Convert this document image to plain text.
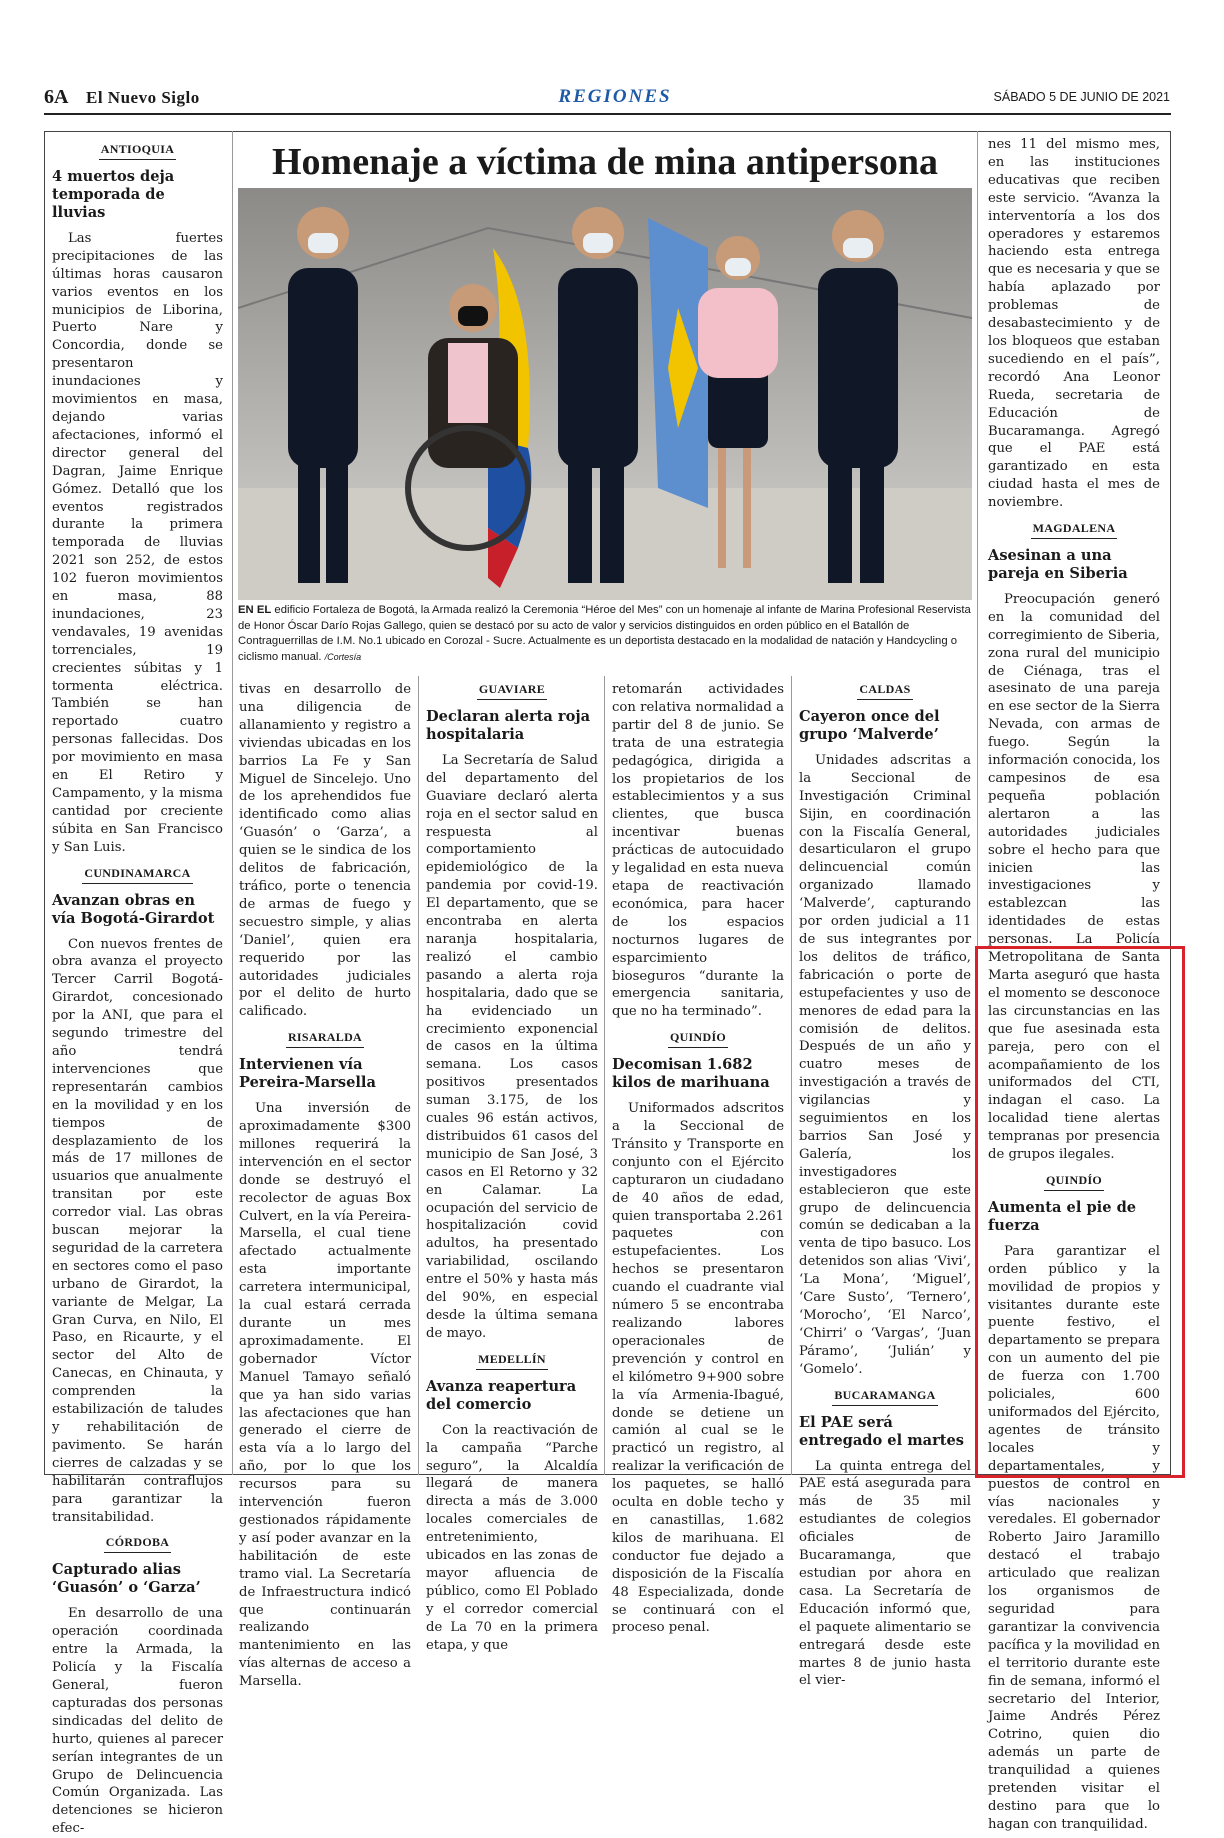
6A El Nuevo Siglo	REGIONES	SÁBADO 5 DE JUNIO DE 2021
Homenaje a víctima de mina antipersona
EN EL edificio Fortaleza de Bogotá, la Armada realizó la Ceremonia “Héroe del Mes” con un homenaje al infante de Marina Profesional Reservista de Honor Óscar Darío Rojas Gallego, quien se destacó por su acto de valor y servicios distinguidos en orden público en el Batallón de Contraguerrillas de I.M. No.1 ubicado en Corozal - Sucre. Actualmente es un deportista destacado en la modalidad de natación y Handcycling o ciclismo manual. /Cortesía
ANTIOQUIA
4 muertos deja temporada de lluvias

Las fuertes precipitaciones de las últimas horas causaron varios eventos en los municipios de Liborina, Puerto Nare y Concordia, donde se presentaron inundaciones y movimientos en masa, dejando varias afectaciones, informó el director general del Dagran, Jaime Enrique Gómez. Detalló que los eventos registrados durante la primera temporada de lluvias 2021 son 252, de estos 102 fueron movimientos en masa, 88 inundaciones, 23 vendavales, 19 avenidas torrenciales, 19 crecientes súbitas y 1 tormenta eléctrica. También se han reportado cuatro personas fallecidas. Dos por movimiento en masa en El Retiro y Campamento, y la misma cantidad por creciente súbita en San Francisco y San Luis.

CUNDINAMARCA
Avanzan obras en vía Bogotá-Girardot

Con nuevos frentes de obra avanza el proyecto Tercer Carril Bogotá-Girardot, concesionado por la ANI, que para el segundo trimestre del año tendrá intervenciones que representarán cambios en la movilidad y en los tiempos de desplazamiento de los más de 17 millones de usuarios que anualmente transitan por este corredor vial. Las obras buscan mejorar la seguridad de la carretera en sectores como el paso urbano de Girardot, la variante de Melgar, La Gran Curva, en Nilo, El Paso, en Ricaurte, y el sector del Alto de Canecas, en Chinauta, y comprenden la estabilización de taludes y rehabilitación de pavimento. Se harán cierres de calzadas y se habilitarán contraflujos para garantizar la transitabilidad.

CÓRDOBA
Capturado alias ‘Guasón’ o ‘Garza’

En desarrollo de una operación coordinada entre la Armada, la Policía y la Fiscalía General, fueron capturadas dos personas sindicadas del delito de hurto, quienes al parecer serían integrantes de un Grupo de Delincuencia Común Organizada. Las detenciones se hicieron efec-

tivas en desarrollo de una diligencia de allanamiento y registro a viviendas ubicadas en los barrios La Fe y San Miguel de Sincelejo. Uno de los aprehendidos fue identificado como alias ‘Guasón’ o ‘Garza’, a quien se le sindica de los delitos de fabricación, tráfico, porte o tenencia de armas de fuego y secuestro simple, y alias ‘Daniel’, quien era requerido por las autoridades judiciales por el delito de hurto calificado.

RISARALDA
Intervienen vía Pereira-Marsella

Una inversión de aproximadamente $300 millones requerirá la intervención en el sector donde se destruyó el recolector de aguas Box Culvert, en la vía Pereira-Marsella, el cual tiene afectado actualmente esta importante carretera intermunicipal, la cual estará cerrada durante un mes aproximadamente. El gobernador Víctor Manuel Tamayo señaló que ya han sido varias las afectaciones que han generado el cierre de esta vía a lo largo del año, por lo que los recursos para su intervención fueron gestionados rápidamente y así poder avanzar en la habilitación de este tramo vial. La Secretaría de Infraestructura indicó que continuarán realizando mantenimiento en las vías alternas de acceso a Marsella.

GUAVIARE
Declaran alerta roja hospitalaria

La Secretaría de Salud del departamento del Guaviare declaró alerta roja en el sector salud en respuesta al comportamiento epidemiológico de la pandemia por covid-19. El departamento, que se encontraba en alerta naranja hospitalaria, realizó el cambio pasando a alerta roja hospitalaria, dado que se ha evidenciado un crecimiento exponencial de casos en la última semana. Los casos positivos presentados suman 3.175, de los cuales 96 están activos, distribuidos 61 casos del municipio de San José, 3 casos en El Retorno y 32 en Calamar. La ocupación del servicio de hospitalización covid adultos, ha presentado variabilidad, oscilando entre el 50% y hasta más del 90%, en especial desde la última semana de mayo.

MEDELLÍN
Avanza reapertura del comercio

Con la reactivación de la campaña “Parche seguro”, la Alcaldía llegará de manera directa a más de 3.000 locales comerciales de entretenimiento, ubicados en las zonas de mayor afluencia de público, como El Poblado y el corredor comercial de La 70 en la primera etapa, y que

retomarán actividades con relativa normalidad a partir del 8 de junio. Se trata de una estrategia pedagógica, dirigida a los propietarios de los establecimientos y a sus clientes, que busca incentivar buenas prácticas de autocuidado y legalidad en esta nueva etapa de reactivación económica, para hacer de los espacios nocturnos lugares de esparcimiento bioseguros “durante la emergencia sanitaria, que no ha terminado”.

QUINDÍO
Decomisan 1.682 kilos de marihuana

Uniformados adscritos a la Seccional de Tránsito y Transporte en conjunto con el Ejército capturaron un ciudadano de 40 años de edad, quien transportaba 2.261 paquetes con estupefacientes. Los hechos se presentaron cuando el cuadrante vial número 5 se encontraba realizando labores operacionales de prevención y control en el kilómetro 9+900 sobre la vía Armenia-Ibagué, donde se detiene un camión al cual se le practicó un registro, al realizar la verificación de los paquetes, se halló oculta en doble techo y en canastillas, 1.682 kilos de marihuana. El conductor fue dejado a disposición de la Fiscalía 48 Especializada, donde se continuará con el proceso penal.

CALDAS
Cayeron once del grupo ‘Malverde’

Unidades adscritas a la Seccional de Investigación Criminal Sijin, en coordinación con la Fiscalía General, desarticularon el grupo delincuencial común organizado llamado ‘Malverde’, capturando por orden judicial a 11 de sus integrantes por los delitos de tráfico, fabricación o porte de estupefacientes y uso de menores de edad para la comisión de delitos. Después de un año y cuatro meses de investigación a través de vigilancias y seguimientos en los barrios San José y Galería, los investigadores establecieron que este grupo de delincuencia común se dedicaban a la venta de tipo basuco. Los detenidos son alias ‘Vivi’, ‘La Mona’, ‘Miguel’, ‘Care Susto’, ‘Ternero’, ‘Morocho’, ‘El Narco’, ‘Chirri’ o ‘Vargas’, ‘Juan Páramo’, ‘Julián’ y ‘Gomelo’.

BUCARAMANGA
El PAE será entregado el martes

La quinta entrega del PAE está asegurada para más de 35 mil estudiantes de colegios oficiales de Bucaramanga, que estudian por ahora en casa. La Secretaría de Educación informó que, el paquete alimentario se entregará desde este martes 8 de junio hasta el vier-

nes 11 del mismo mes, en las instituciones educativas que reciben este servicio. “Avanza la interventoría a los dos operadores y estaremos haciendo esta entrega que es necesaria y que se había aplazado por problemas de desabastecimiento y de los bloqueos que estaban sucediendo en el país”, recordó Ana Leonor Rueda, secretaria de Educación de Bucaramanga. Agregó que el PAE está garantizado en esta ciudad hasta el mes de noviembre.

MAGDALENA
Asesinan a una pareja en Siberia

Preocupación generó en la comunidad del corregimiento de Siberia, zona rural del municipio de Ciénaga, tras el asesinato de una pareja en ese sector de la Sierra Nevada, con armas de fuego. Según la información conocida, los campesinos de esa pequeña población alertaron a las autoridades judiciales sobre el hecho para que inicien las investigaciones y establezcan las identidades de estas personas. La Policía Metropolitana de Santa Marta aseguró que hasta el momento se desconoce las circunstancias en las que fue asesinada esta pareja, pero con el acompañamiento de los uniformados del CTI, indagan el caso. La localidad tiene alertas tempranas por presencia de grupos ilegales.

QUINDÍO
Aumenta el pie de fuerza

Para garantizar el orden público y la movilidad de propios y visitantes durante este puente festivo, el departamento se prepara con un aumento del pie de fuerza con 1.700 policiales, 600 uniformados del Ejército, agentes de tránsito locales y departamentales, y puestos de control en vías nacionales y veredales. El gobernador Roberto Jairo Jaramillo destacó el trabajo articulado que realizan los organismos de seguridad para garantizar la convivencia pacífica y la movilidad en el territorio durante este fin de semana, informó el secretario del Interior, Jaime Andrés Pérez Cotrino, quien dio además un parte de tranquilidad a quienes pretenden visitar el destino para que lo hagan con tranquilidad.
